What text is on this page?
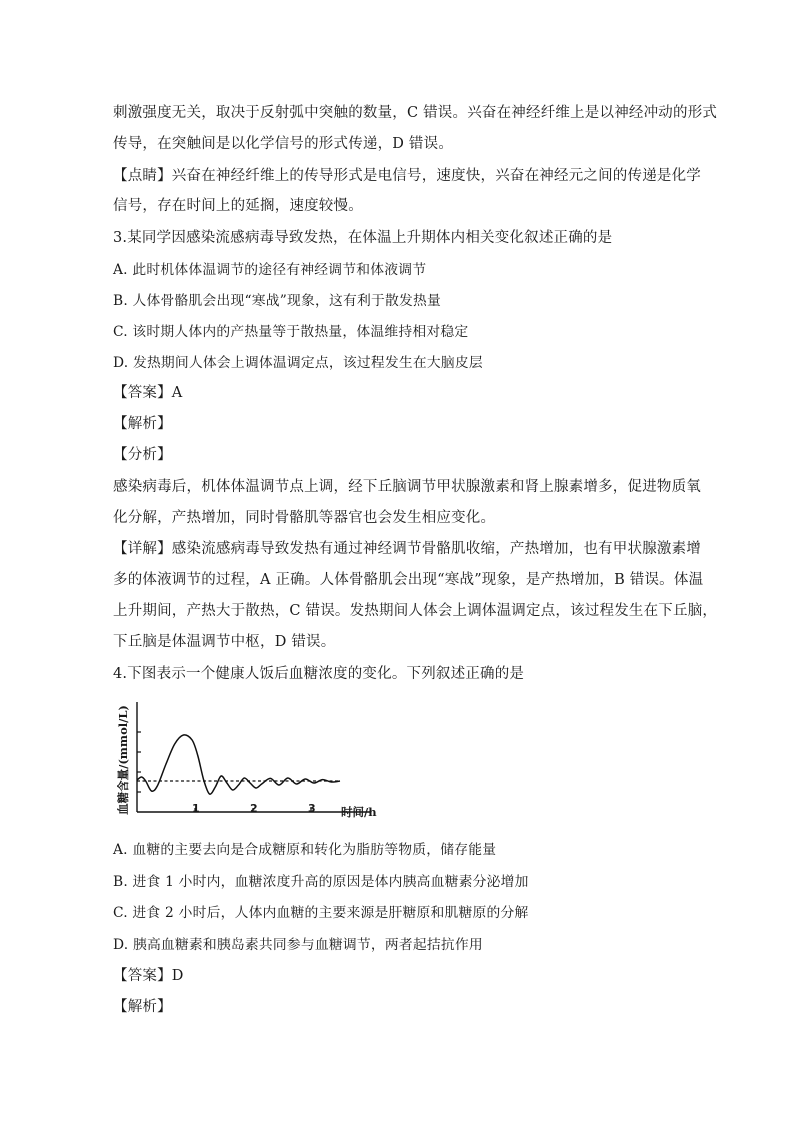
刺激强度无关，取决于反射弧中突触的数量，C 错误。兴奋在神经纤维上是以神经冲动的形式
传导，在突触间是以化学信号的形式传递，D 错误。
【点睛】兴奋在神经纤维上的传导形式是电信号，速度快，兴奋在神经元之间的传递是化学
信号，存在时间上的延搁，速度较慢。
3.某同学因感染流感病毒导致发热，在体温上升期体内相关变化叙述正确的是
A. 此时机体体温调节的途径有神经调节和体液调节
B. 人体骨骼肌会出现“寒战”现象，这有利于散发热量
C. 该时期人体内的产热量等于散热量，体温维持相对稳定
D. 发热期间人体会上调体温调定点，该过程发生在大脑皮层
【答案】A
【解析】
【分析】
感染病毒后，机体体温调节点上调，经下丘脑调节甲状腺激素和肾上腺素增多，促进物质氧
化分解，产热增加，同时骨骼肌等器官也会发生相应变化。
【详解】感染流感病毒导致发热有通过神经调节骨骼肌收缩，产热增加，也有甲状腺激素增
多的体液调节的过程，A 正确。人体骨骼肌会出现“寒战”现象，是产热增加，B 错误。体温
上升期间，产热大于散热，C 错误。发热期间人体会上调体温调定点，该过程发生在下丘脑，
下丘脑是体温调节中枢，D 错误。
4.下图表示一个健康人饭后血糖浓度的变化。下列叙述正确的是
A. 血糖的主要去向是合成糖原和转化为脂肪等物质，储存能量
B. 进食 1 小时内，血糖浓度升高的原因是体内胰高血糖素分泌增加
C. 进食 2 小时后，人体内血糖的主要来源是肝糖原和肌糖原的分解
D. 胰高血糖素和胰岛素共同参与血糖调节，两者起拮抗作用
【答案】D
【解析】
血糖含量/(mmol/L)	1	2	3 时间/h
